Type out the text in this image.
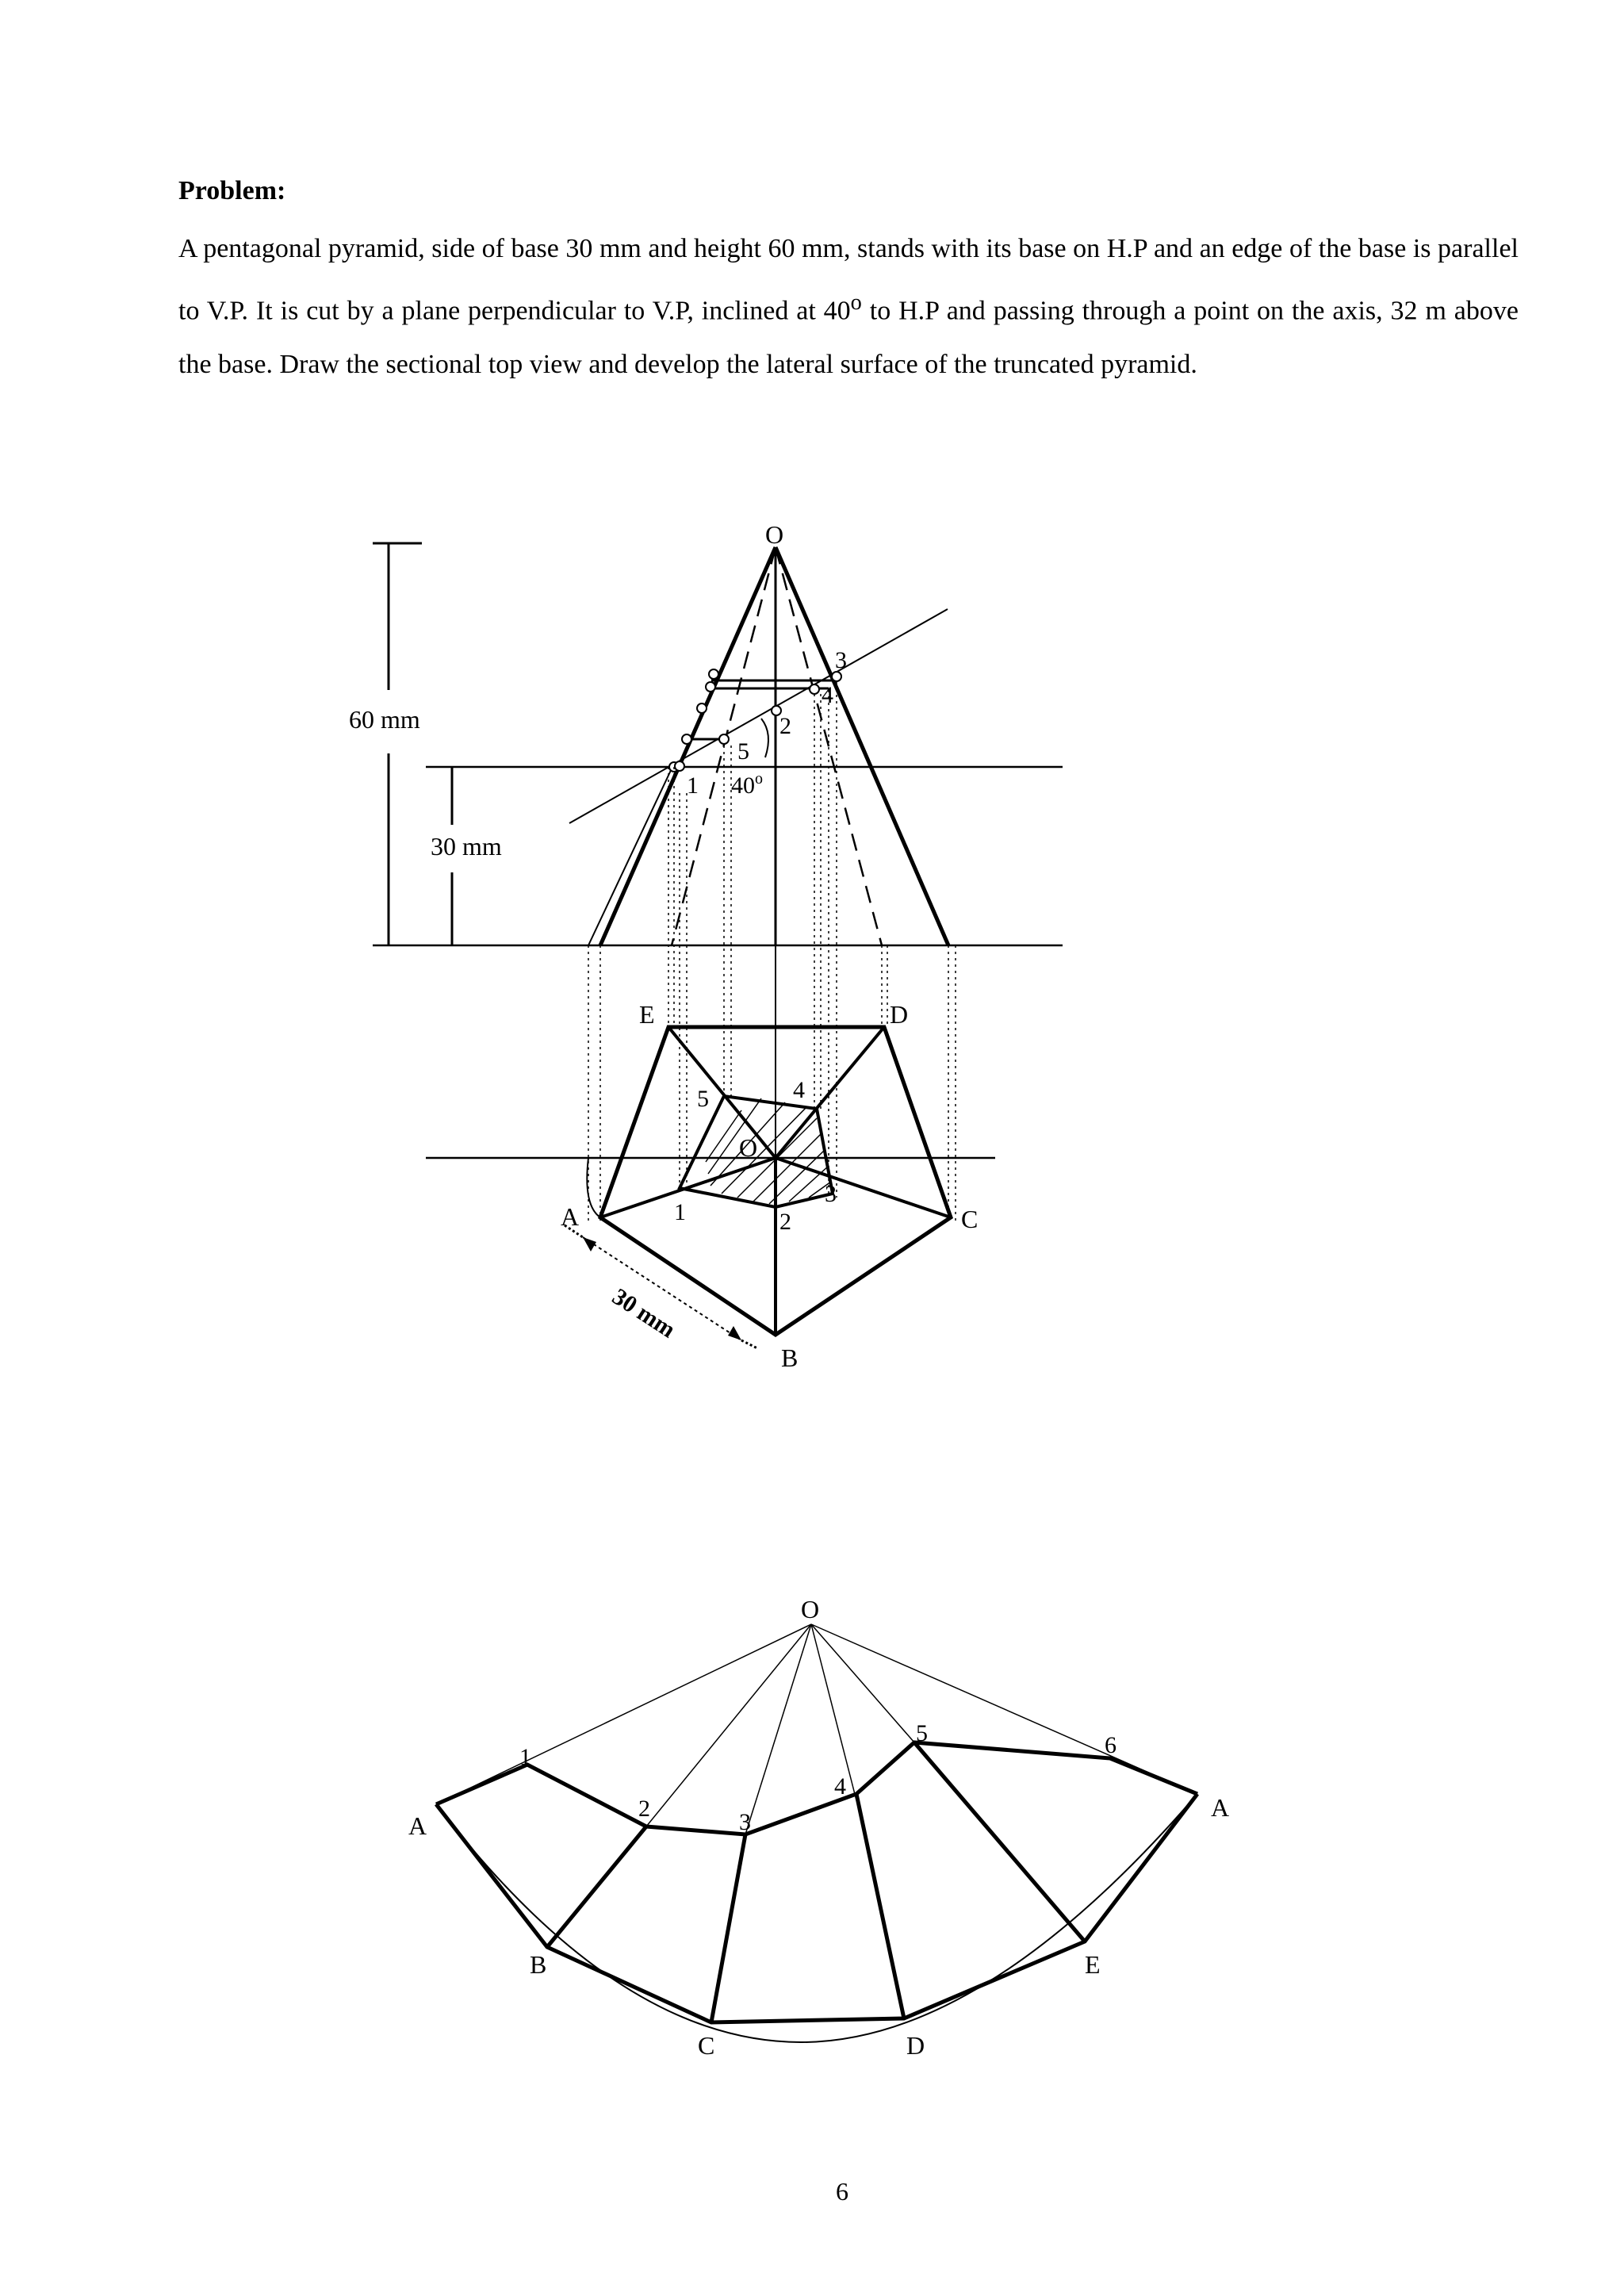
Problem:

A pentagonal pyramid, side of base 30 mm and height 60 mm, stands with its base on H.P and an edge of the base is parallel to V.P. It is cut by a plane perpendicular to V.P, inclined at 40$^o$ to H.P and passing through a point on the axis, 32 m above the base. Draw the sectional top view and develop the lateral surface of the truncated pyramid.

O
60 mm
30 mm
1
2
3
4
5
40$^o$
A
B
C
D
E
O
1	2
3
4
5
30 mm
O
A
B
C	D
E
A
1
2
3
4
5	6
6
